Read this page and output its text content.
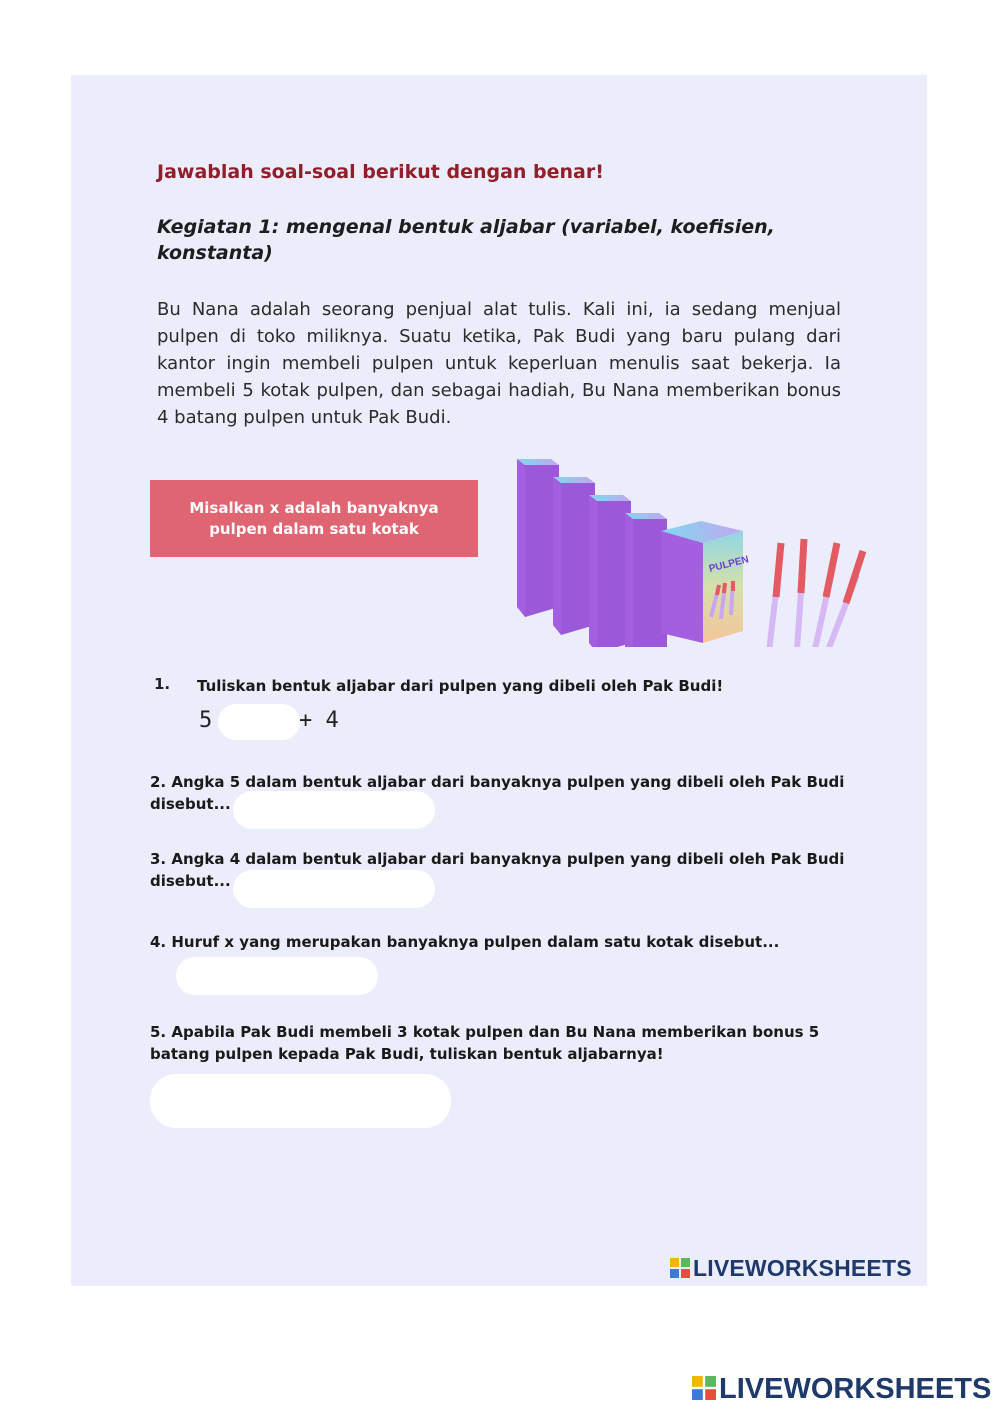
Jawablah soal-soal berikut dengan benar!

Kegiatan 1: mengenal bentuk aljabar (variabel, koefisien, konstanta)

Bu Nana adalah seorang penjual alat tulis. Kali ini, ia sedang menjual pulpen di toko miliknya. Suatu ketika, Pak Budi yang baru pulang dari kantor ingin membeli pulpen untuk keperluan menulis saat bekerja. Ia membeli 5 kotak pulpen, dan sebagai hadiah, Bu Nana memberikan bonus 4 batang pulpen untuk Pak Budi.

Misalkan x adalah banyaknya pulpen dalam satu kotak
PULPEN
1. Tuliskan bentuk aljabar dari pulpen yang dibeli oleh Pak Budi!

5	+ 4

2. Angka 5 dalam bentuk aljabar dari banyaknya pulpen yang dibeli oleh Pak Budi disebut...

3. Angka 4 dalam bentuk aljabar dari banyaknya pulpen yang dibeli oleh Pak Budi disebut...

4. Huruf x yang merupakan banyaknya pulpen dalam satu kotak disebut...

5. Apabila Pak Budi membeli 3 kotak pulpen dan Bu Nana memberikan bonus 5 batang pulpen kepada Pak Budi, tuliskan bentuk aljabarnya!

LIVEWORKSHEETS
LIVEWORKSHEETS
